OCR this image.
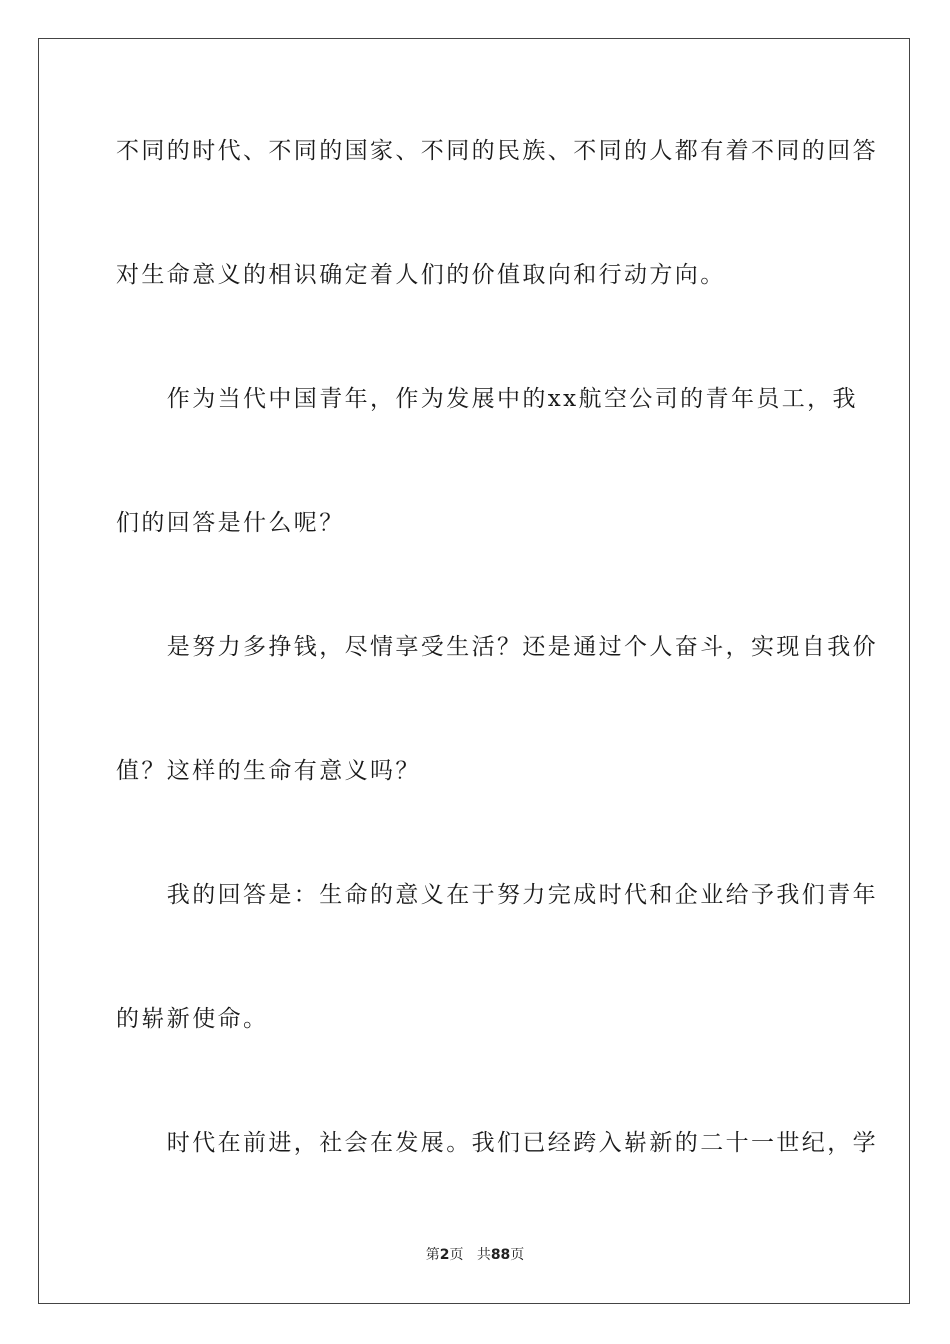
不同的时代、不同的国家、不同的民族、不同的人都有着不同的回答

对生命意义的相识确定着人们的价值取向和行动方向。

　　作为当代中国青年，作为发展中的xx航空公司的青年员工，我

们的回答是什么呢？

　　是努力多挣钱，尽情享受生活？还是通过个人奋斗，实现自我价

值？这样的生命有意义吗？

　　我的回答是：生命的意义在于努力完成时代和企业给予我们青年

的崭新使命。

　　时代在前进，社会在发展。我们已经跨入崭新的二十一世纪，学

第2页 共88页
